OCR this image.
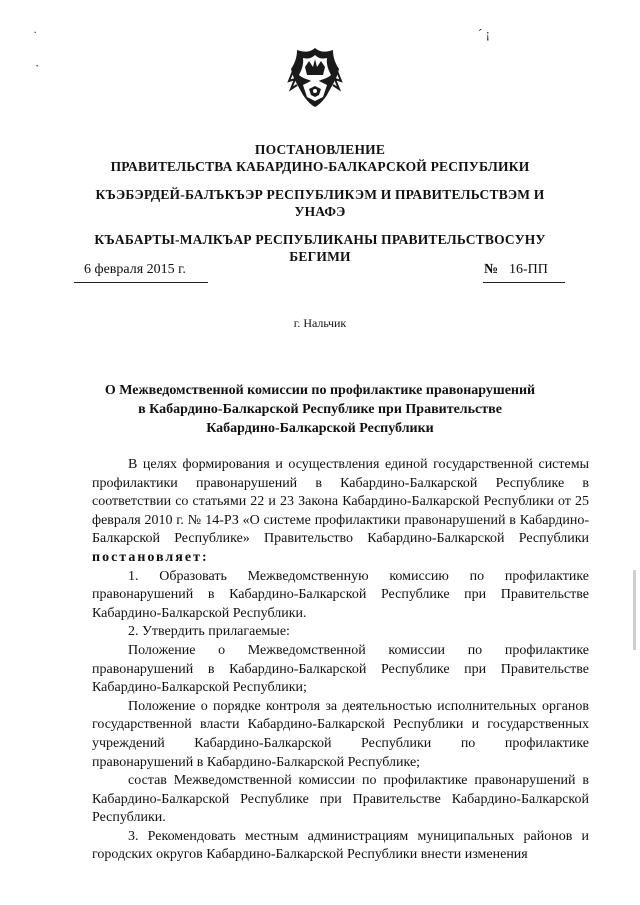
˙
·
ˊ ¡
ПОСТАНОВЛЕНИЕ
ПРАВИТЕЛЬСТВА КАБАРДИНО-БАЛКАРСКОЙ РЕСПУБЛИКИ
КЪЭБЭРДЕЙ-БАЛЪКЪЭР РЕСПУБЛИКЭМ И ПРАВИТЕЛЬСТВЭМ И
УНАФЭ
КЪАБАРТЫ-МАЛКЪАР РЕСПУБЛИКАНЫ ПРАВИТЕЛЬСТВОСУНУ
БЕГИМИ
6 февраля 2015 г.	№ 16-ПП
г. Нальчик
О Межведомственной комиссии по профилактике правонарушений
в Кабардино-Балкарской Республике при Правительстве
Кабардино-Балкарской Республики

В целях формирования и осуществления единой государственной системы профилактики правонарушений в Кабардино-Балкарской Республике в соответствии со статьями 22 и 23 Закона Кабардино-Балкарской Республики от 25 февраля 2010 г. № 14-РЗ «О системе профилактики правонарушений в Кабардино-Балкарской Республике» Правительство Кабардино-Балкарской Республики постановляет:

1. Образовать Межведомственную комиссию по профилактике правонарушений в Кабардино-Балкарской Республике при Правительстве Кабардино-Балкарской Республики.

2. Утвердить прилагаемые:

Положение о Межведомственной комиссии по профилактике правонарушений в Кабардино-Балкарской Республике при Правительстве Кабардино-Балкарской Республики;

Положение о порядке контроля за деятельностью исполнительных органов государственной власти Кабардино-Балкарской Республики и государственных учреждений Кабардино-Балкарской Республики по профилактике правонарушений в Кабардино-Балкарской Республике;

состав Межведомственной комиссии по профилактике правонарушений в Кабардино-Балкарской Республике при Правительстве Кабардино-Балкарской Республики.

3. Рекомендовать местным администрациям муниципальных районов и городских округов Кабардино-Балкарской Республики внести изменения
